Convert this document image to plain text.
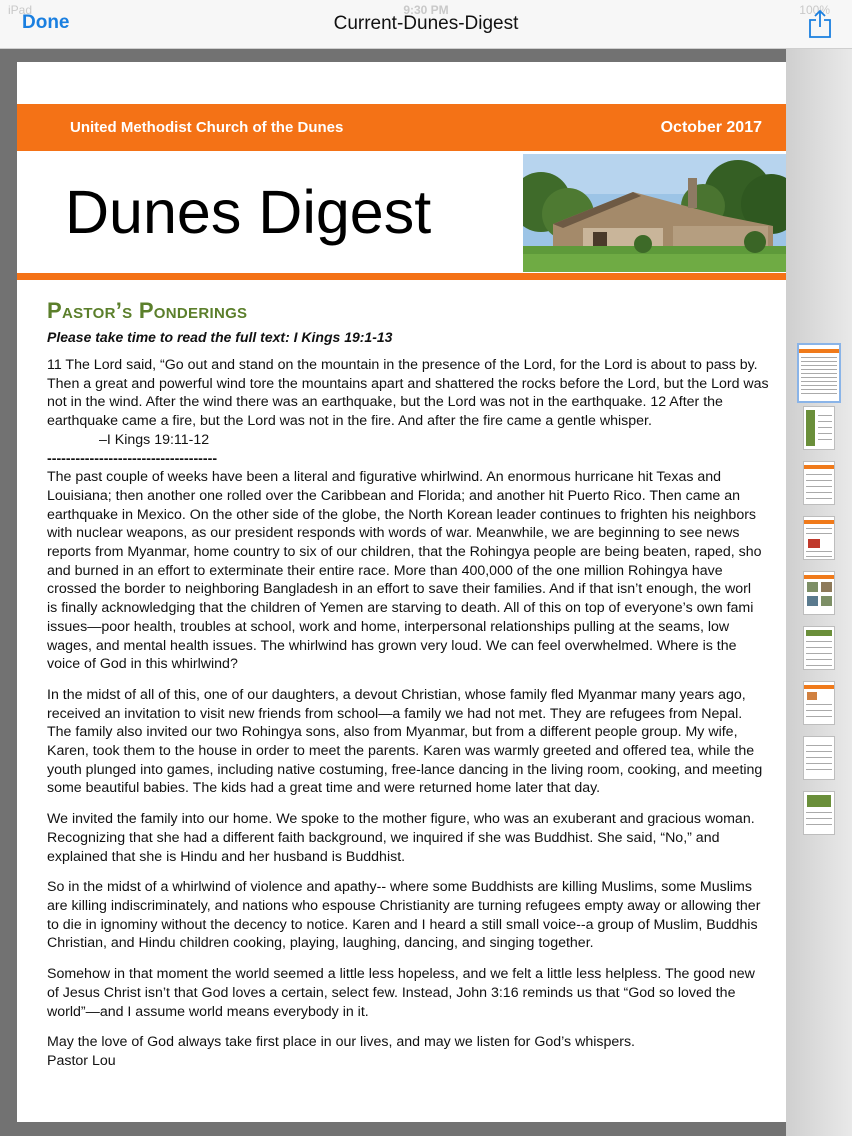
iPad	9:30 PM	100%
Done	Current-Dunes-Digest
United Methodist Church of the Dunes	October 2017
Dunes Digest
Pastor’s Ponderings
Please take time to read the full text: I Kings 19:1-13

11 The Lord said, “Go out and stand on the mountain in the presence of the Lord, for the Lord is about to pass by.
Then a great and powerful wind tore the mountains apart and shattered the rocks before the Lord, but the Lord was
not in the wind. After the wind there was an earthquake, but the Lord was not in the earthquake. 12 After the
earthquake came a fire, but the Lord was not in the fire. And after the fire came a gentle whisper.

–I Kings 19:11-12

------------------------------------

The past couple of weeks have been a literal and figurative whirlwind. An enormous hurricane hit Texas and
Louisiana; then another one rolled over the Caribbean and Florida; and another hit Puerto Rico. Then came an
earthquake in Mexico. On the other side of the globe, the North Korean leader continues to frighten his neighbors
with nuclear weapons, as our president responds with words of war. Meanwhile, we are beginning to see news
reports from Myanmar, home country to six of our children, that the Rohingya people are being beaten, raped, sho
and burned in an effort to exterminate their entire race. More than 400,000 of the one million Rohingya have
crossed the border to neighboring Bangladesh in an effort to save their families. And if that isn’t enough, the worl
is finally acknowledging that the children of Yemen are starving to death. All of this on top of everyone’s own fami
issues—poor health, troubles at school, work and home, interpersonal relationships pulling at the seams, low
wages, and mental health issues. The whirlwind has grown very loud. We can feel overwhelmed. Where is the
voice of God in this whirlwind?

In the midst of all of this, one of our daughters, a devout Christian, whose family fled Myanmar many years ago,
received an invitation to visit new friends from school—a family we had not met. They are refugees from Nepal.
The family also invited our two Rohingya sons, also from Myanmar, but from a different people group. My wife,
Karen, took them to the house in order to meet the parents. Karen was warmly greeted and offered tea, while the
youth plunged into games, including native costuming, free-lance dancing in the living room, cooking, and meeting
some beautiful babies. The kids had a great time and were returned home later that day.

We invited the family into our home. We spoke to the mother figure, who was an exuberant and gracious woman.
Recognizing that she had a different faith background, we inquired if she was Buddhist. She said, “No,” and
explained that she is Hindu and her husband is Buddhist.

So in the midst of a whirlwind of violence and apathy-- where some Buddhists are killing Muslims, some Muslims
are killing indiscriminately, and nations who espouse Christianity are turning refugees empty away or allowing ther
to die in ignominy without the decency to notice. Karen and I heard a still small voice--a group of Muslim, Buddhis
Christian, and Hindu children cooking, playing, laughing, dancing, and singing together.

Somehow in that moment the world seemed a little less hopeless, and we felt a little less helpless. The good new
of Jesus Christ isn’t that God loves a certain, select few. Instead, John 3:16 reminds us that “God so loved the
world”—and I assume world means everybody in it.

May the love of God always take first place in our lives, and may we listen for God’s whispers.
Pastor Lou
